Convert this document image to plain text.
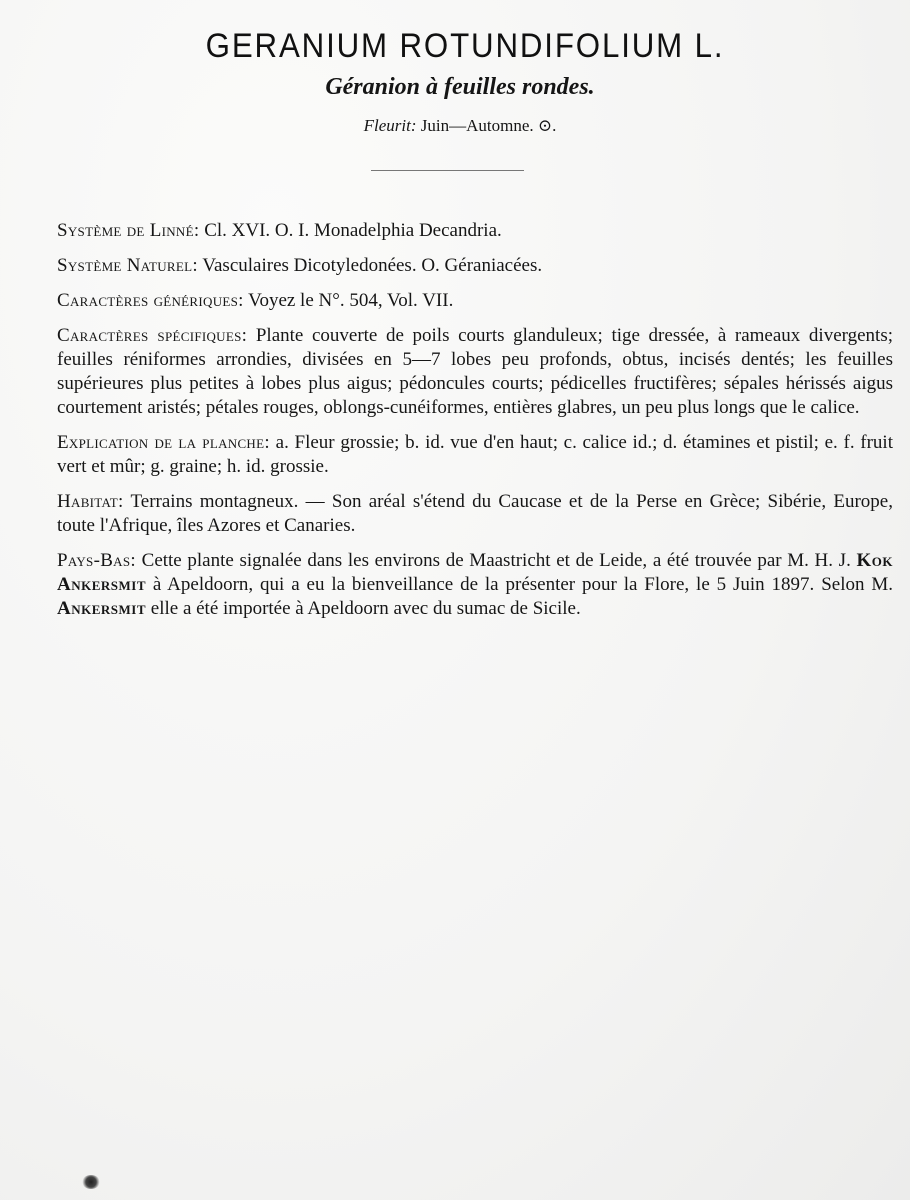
GERANIUM ROTUNDIFOLIUM L.
Géranion à feuilles rondes.
Fleurit: Juin—Automne. ⊙.

Système de Linné: Cl. XVI. O. I. Monadelphia Decandria.

Système Naturel: Vasculaires Dicotyledonées. O. Géraniacées.

Caractères génériques: Voyez le N°. 504, Vol. VII.

Caractères spécifiques: Plante couverte de poils courts glanduleux; tige dressée, à rameaux divergents; feuilles réniformes arrondies, divisées en 5—7 lobes peu profonds, obtus, incisés dentés; les feuilles supérieures plus petites à lobes plus aigus; pédoncules courts; pédicelles fructifères; sépales hérissés aigus courtement aristés; pétales rouges, oblongs-cunéiformes, entières glabres, un peu plus longs que le calice.

Explication de la planche: a. Fleur grossie; b. id. vue d'en haut; c. calice id.; d. étamines et pistil; e. f. fruit vert et mûr; g. graine; h. id. grossie.

Habitat: Terrains montagneux. — Son aréal s'étend du Caucase et de la Perse en Grèce; Sibérie, Europe, toute l'Afrique, îles Azores et Canaries.

Pays-Bas: Cette plante signalée dans les environs de Maastricht et de Leide, a été trouvée par M. H. J. Kok Ankersmit à Apeldoorn, qui a eu la bienveillance de la présenter pour la Flore, le 5 Juin 1897. Selon M. Ankersmit elle a été importée à Apeldoorn avec du sumac de Sicile.
